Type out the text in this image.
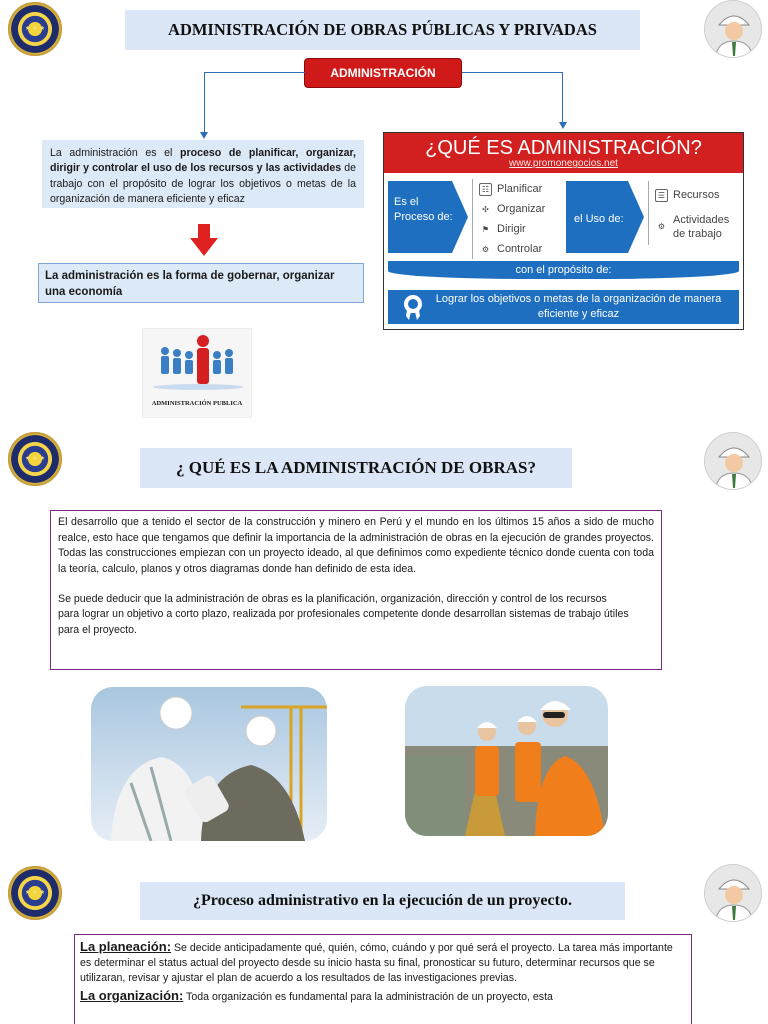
★ ★ ★	ADMINISTRACIÓN DE OBRAS PÚBLICAS Y PRIVADAS
ADMINISTRACIÓN
La administración es el proceso de planificar, organizar, dirigir y controlar el uso de los recursos y las actividades de trabajo con el propósito de lograr los objetivos o metas de la organización de manera eficiente y eficaz
La administración es la forma de gobernar, organizar una economía
ADMINISTRACIÓN PUBLICA
¿QUÉ ES ADMINISTRACIÓN?
www.promonegocios.net
Es el Proceso de:
☷ Planificar
✣ Organizar
⚑ Dirigir
⚙ Controlar
el Uso de:
☰ Recursos
⚙
Actividades de trabajo
con el propósito de:
Lograr los objetivos o metas de la organización de manera eficiente y eficaz
★ ★ ★	¿ QUÉ ES LA ADMINISTRACIÓN DE OBRAS?

El desarrollo que a tenido el sector de la construcción y minero en Perú y el mundo en los últimos 15 años a sido de mucho realce, esto hace que tengamos que definir la importancia de la administración de obras en la ejecución de grandes proyectos. Todas las construcciones empiezan con un proyecto ideado, al que definimos como expediente técnico donde cuenta con toda la teoría, calculo, planos y otros diagramas donde han definido de esta idea.

Se puede deducir que la administración de obras es la planificación, organización, dirección y control de los recursos

para lograr un objetivo a corto plazo, realizada por profesionales competente donde desarrollan sistemas de trabajo útiles

para el proyecto.

★ ★ ★	¿Proceso administrativo en la ejecución de un proyecto.

La planeación: Se decide anticipadamente qué, quién, cómo, cuándo y por qué será el proyecto. La tarea más importante es determinar el status actual del proyecto desde su inicio hasta su final, pronosticar su futuro, determinar recursos que se utilizaran, revisar y ajustar el plan de acuerdo a los resultados de las investigaciones previas.

La organización: Toda organización es fundamental para la administración de un proyecto, esta
